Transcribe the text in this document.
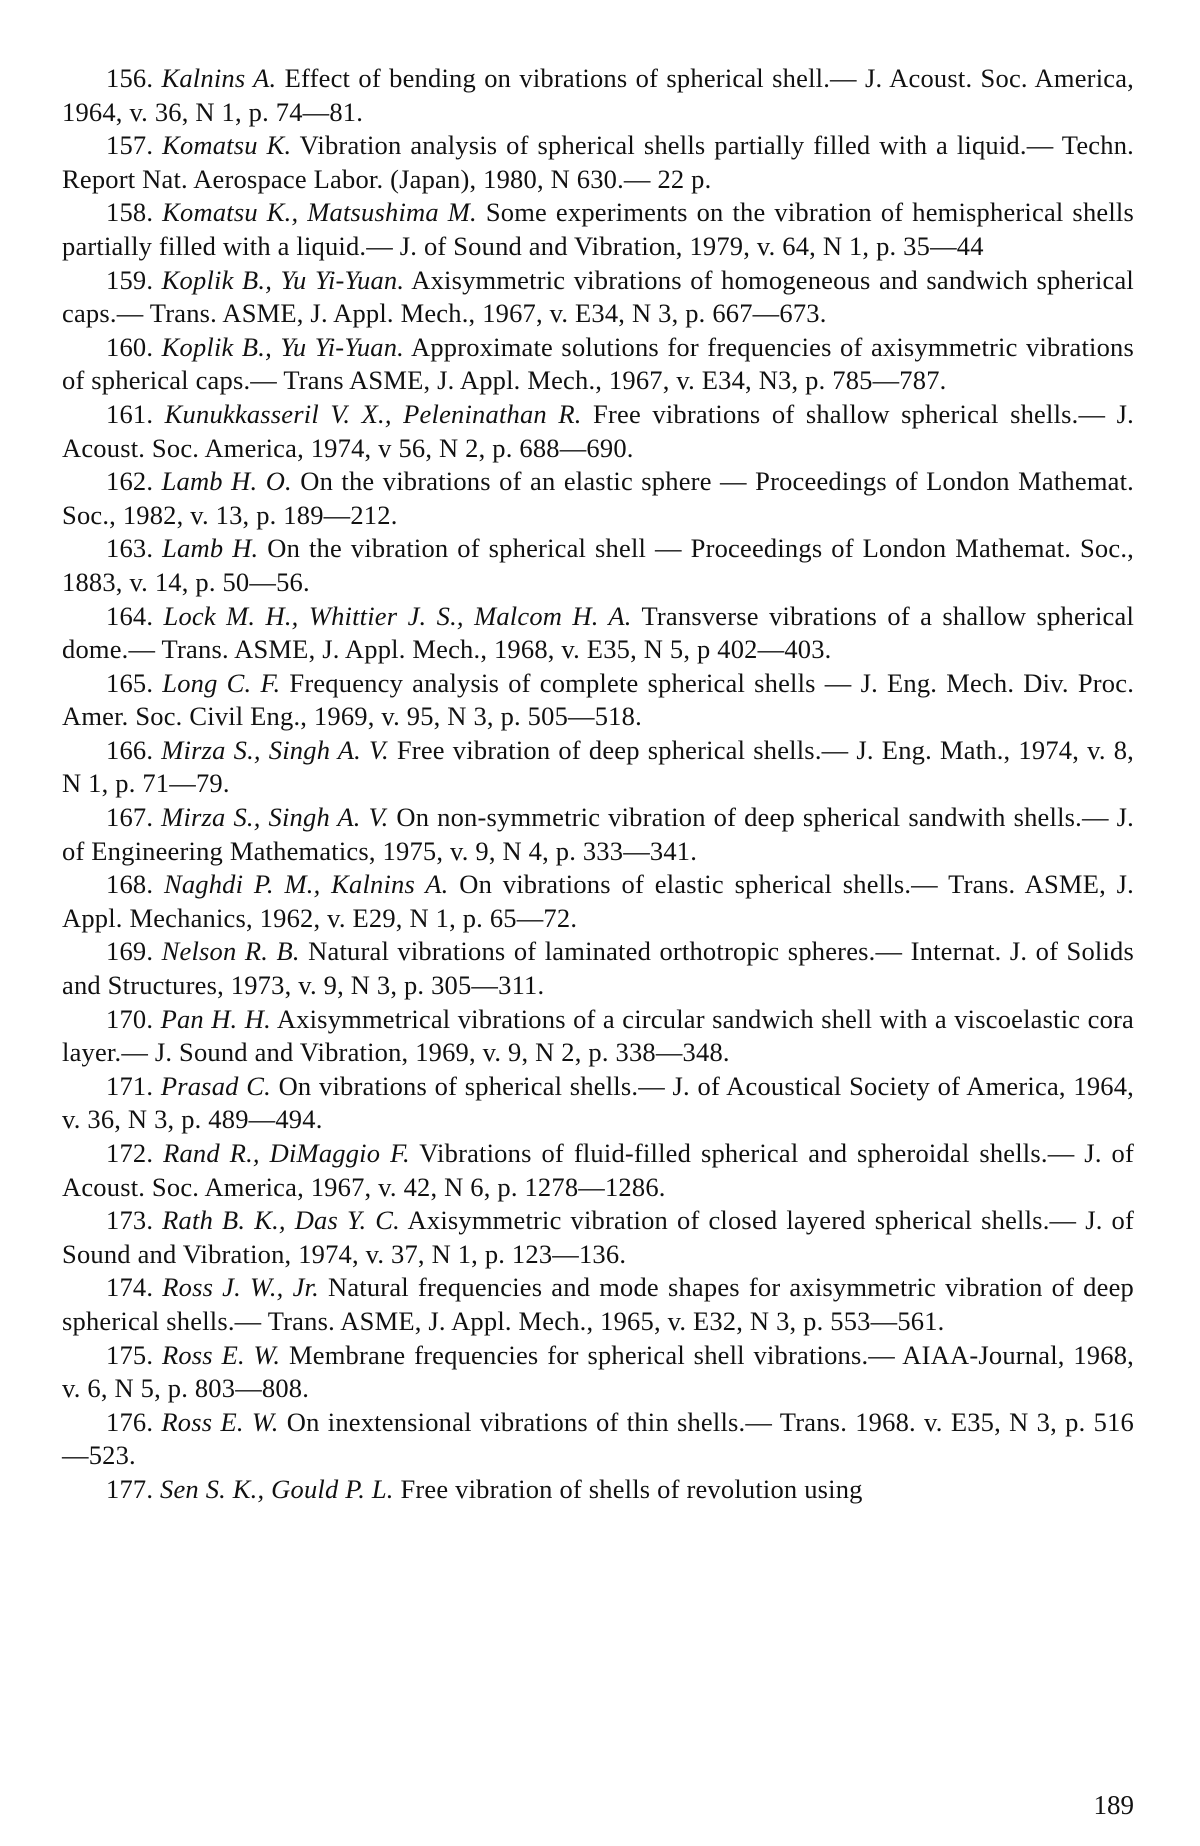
156. Kalnins A. Effect of bending on vibrations of spherical shell.— J. Acoust. Soc. America, 1964, v. 36, N 1, p. 74—81.

157. Komatsu K. Vibration analysis of spherical shells partially filled with a liquid.— Techn. Report Nat. Aerospace Labor. (Japan), 1980, N 630.— 22 p.

158. Komatsu K., Matsushima M. Some experiments on the vibration of hemispherical shells partially filled with a liquid.— J. of Sound and Vibration, 1979, v. 64, N 1, p. 35—44

159. Koplik B., Yu Yi-Yuan. Axisymmetric vibrations of homogeneous and sandwich spherical caps.— Trans. ASME, J. Appl. Mech., 1967, v. E34, N 3, p. 667—673.

160. Koplik B., Yu Yi-Yuan. Approximate solutions for frequencies of axisymmetric vibrations of spherical caps.— Trans ASME, J. Appl. Mech., 1967, v. E34, N3, p. 785—787.

161. Kunukkasseril V. X., Peleninathan R. Free vibrations of shallow spherical shells.— J. Acoust. Soc. America, 1974, v 56, N 2, p. 688—690.

162. Lamb H. O. On the vibrations of an elastic sphere — Proceedings of London Mathemat. Soc., 1982, v. 13, p. 189—212.

163. Lamb H. On the vibration of spherical shell — Proceedings of London Mathemat. Soc., 1883, v. 14, p. 50—56.

164. Lock M. H., Whittier J. S., Malcom H. A. Transverse vibrations of a shallow spherical dome.— Trans. ASME, J. Appl. Mech., 1968, v. E35, N 5, p 402—403.

165. Long C. F. Frequency analysis of complete spherical shells — J. Eng. Mech. Div. Proc. Amer. Soc. Civil Eng., 1969, v. 95, N 3, p. 505—518.

166. Mirza S., Singh A. V. Free vibration of deep spherical shells.— J. Eng. Math., 1974, v. 8, N 1, p. 71—79.

167. Mirza S., Singh A. V. On non-symmetric vibration of deep spherical sandwith shells.— J. of Engineering Mathematics, 1975, v. 9, N 4, p. 333—341.

168. Naghdi P. M., Kalnins A. On vibrations of elastic spherical shells.— Trans. ASME, J. Appl. Mechanics, 1962, v. E29, N 1, p. 65—72.

169. Nelson R. B. Natural vibrations of laminated orthotropic spheres.— Internat. J. of Solids and Structures, 1973, v. 9, N 3, p. 305—311.

170. Pan H. H. Axisymmetrical vibrations of a circular sandwich shell with a viscoelastic cora layer.— J. Sound and Vibration, 1969, v. 9, N 2, p. 338—348.

171. Prasad C. On vibrations of spherical shells.— J. of Acoustical Society of America, 1964, v. 36, N 3, p. 489—494.

172. Rand R., DiMaggio F. Vibrations of fluid-filled spherical and spheroidal shells.— J. of Acoust. Soc. America, 1967, v. 42, N 6, p. 1278—1286.

173. Rath B. K., Das Y. C. Axisymmetric vibration of closed layered spherical shells.— J. of Sound and Vibration, 1974, v. 37, N 1, p. 123—136.

174. Ross J. W., Jr. Natural frequencies and mode shapes for axisymmetric vibration of deep spherical shells.— Trans. ASME, J. Appl. Mech., 1965, v. E32, N 3, p. 553—561.

175. Ross E. W. Membrane frequencies for spherical shell vibrations.— AIAA-Journal, 1968, v. 6, N 5, p. 803—808.

176. Ross E. W. On inextensional vibrations of thin shells.— Trans. 1968. v. E35, N 3, p. 516—523.

177. Sen S. K., Gould P. L. Free vibration of shells of revolution using

189
